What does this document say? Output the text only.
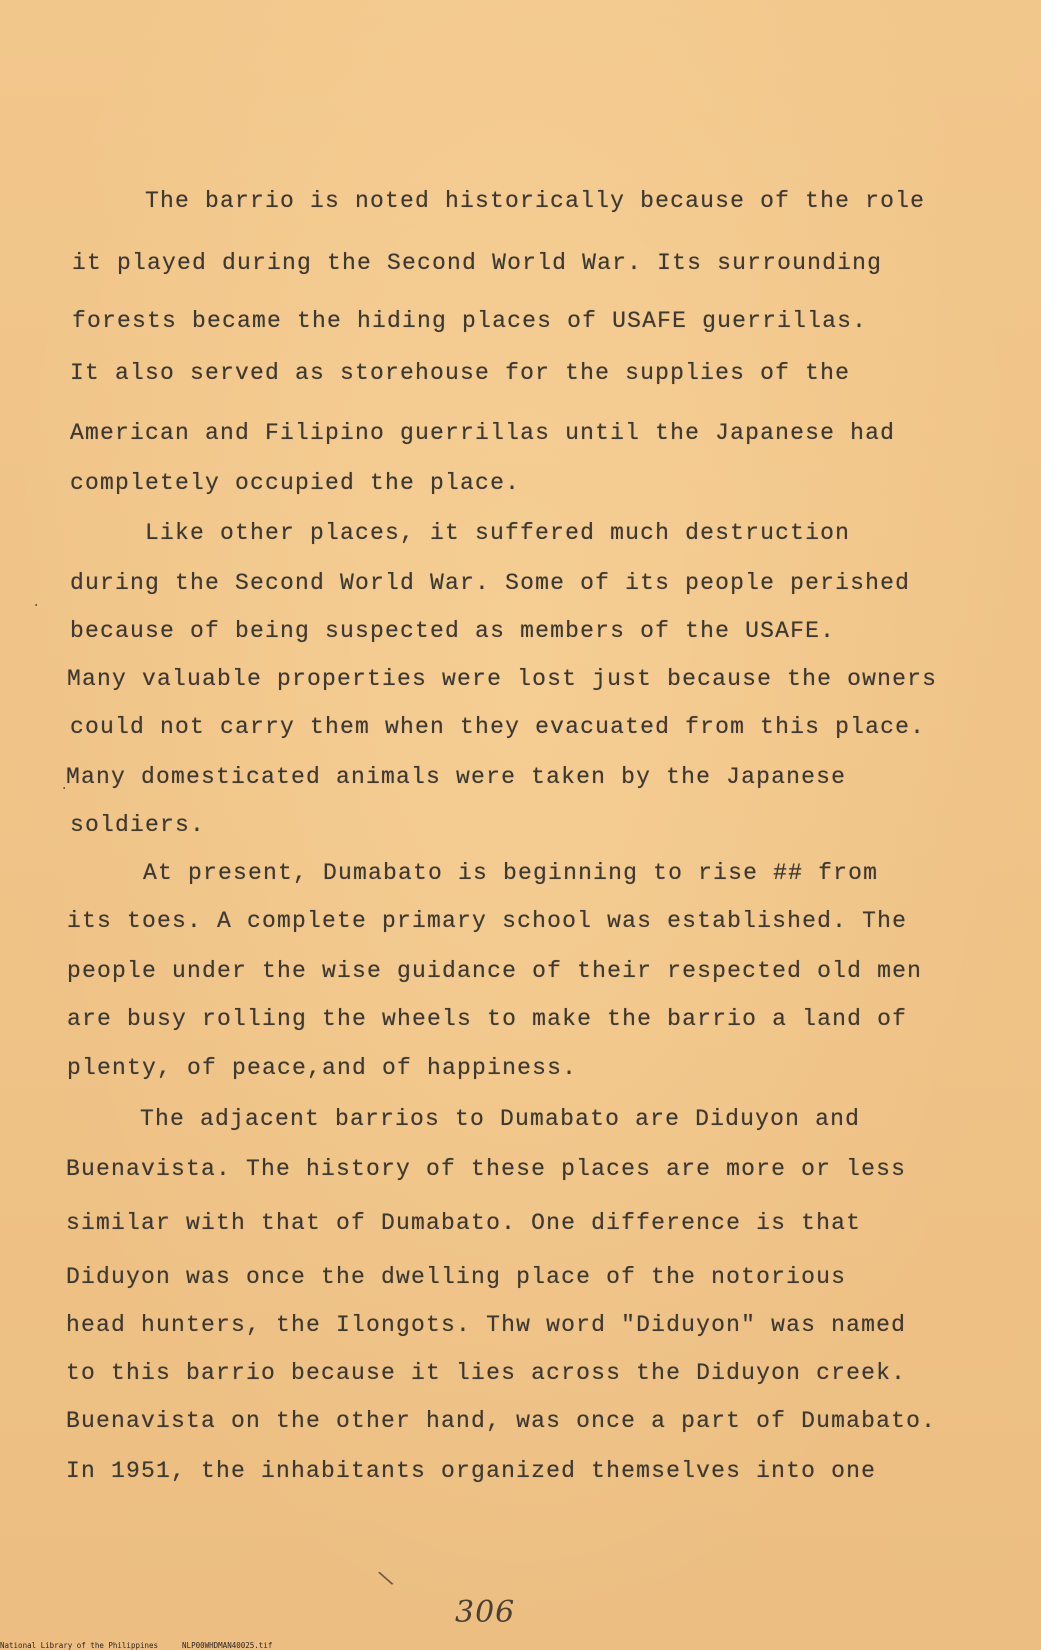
The barrio is noted historically because of the role
it played during the Second World War. Its surrounding
forests became the hiding places of USAFE guerrillas.
It also served as storehouse for the supplies of the
American and Filipino guerrillas until the Japanese had
completely occupied the place.
Like other places, it suffered much destruction
during the Second World War. Some of its people perished
because of being suspected as members of the USAFE.
Many valuable properties were lost just because the owners
could not carry them when they evacuated from this place.
Many domesticated animals were taken by the Japanese
soldiers.
At present, Dumabato is beginning to rise ## from
its toes. A complete primary school was established. The
people under the wise guidance of their respected old men
are busy rolling the wheels to make the barrio a land of
plenty, of peace,and of happiness.
The adjacent barrios to Dumabato are Diduyon and
Buenavista. The history of these places are more or less
similar with that of Dumabato. One difference is that
Diduyon was once the dwelling place of the notorious
head hunters, the Ilongots. Thw word "Diduyon" was named
to this barrio because it lies across the Diduyon creek.
Buenavista on the other hand, was once a part of Dumabato.
In 1951, the inhabitants organized themselves into one
·
.
\
306
National Library of the Philippines	NLP00WHDMAN40025.tif
